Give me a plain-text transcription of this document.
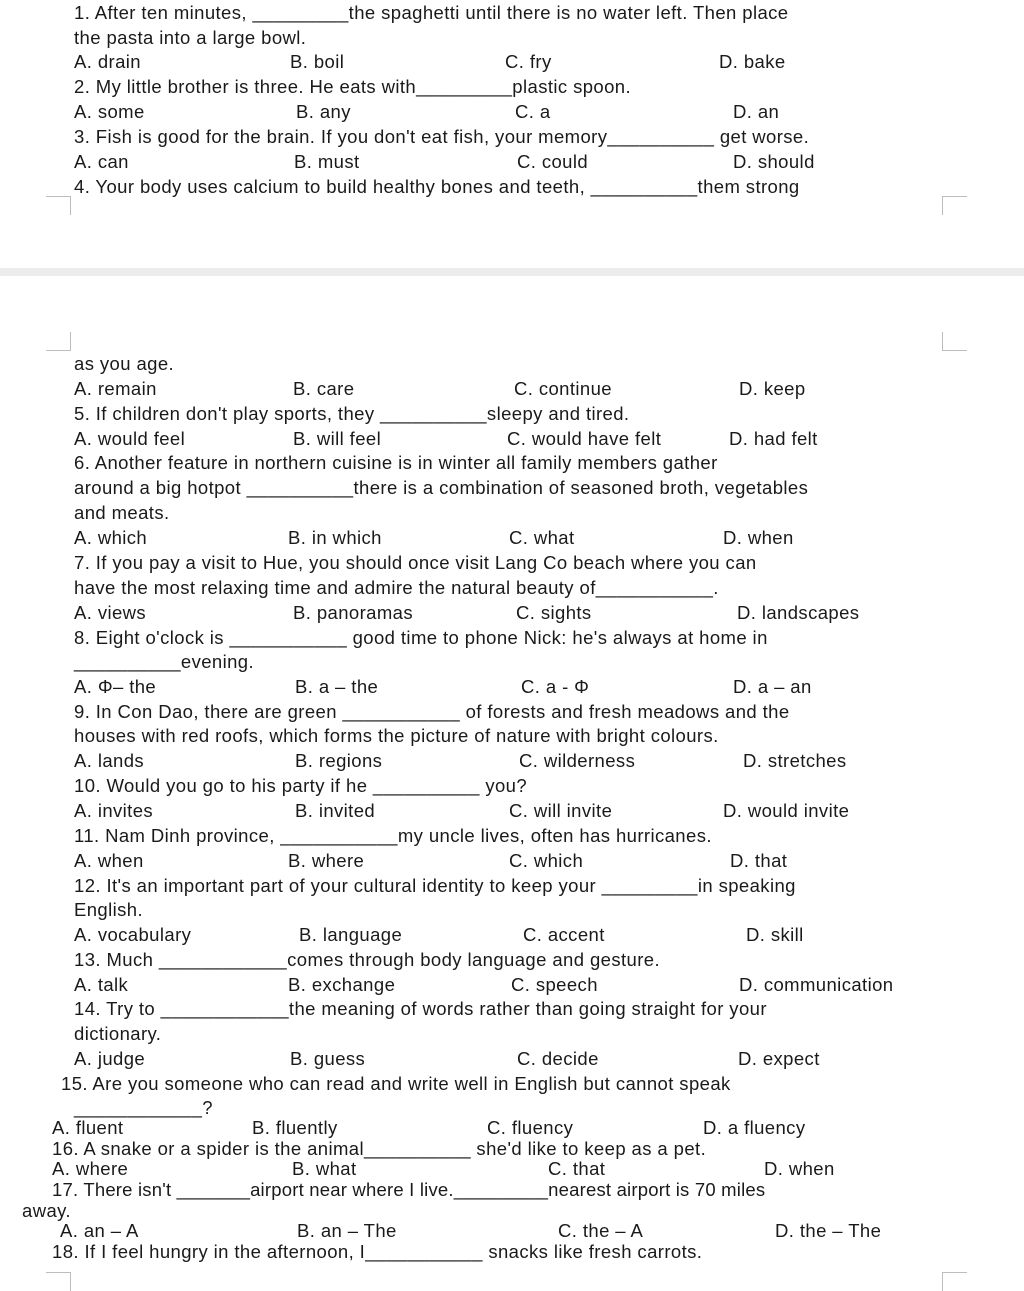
1. After ten minutes, _________the spaghetti until there is no water left. Then place
the pasta into a large bowl.
A. drain	B. boil	C. fry	D. bake
2. My little brother is three. He eats with_________plastic spoon.
A. some	B. any	C. a	D. an
3. Fish is good for the brain. If you don't eat fish, your memory__________ get worse.
A. can	B. must	C. could	D. should
4. Your body uses calcium to build healthy bones and teeth, __________them strong
as you age.
A. remain	B. care	C. continue	D. keep
5. If children don't play sports, they __________sleepy and tired.
A. would feel	B. will feel	C. would have felt	D. had felt
6. Another feature in northern cuisine is in winter all family members gather
around a big hotpot __________there is a combination of seasoned broth, vegetables
and meats.
A. which	B. in which	C. what	D. when
7. If you pay a visit to Hue, you should once visit Lang Co beach where you can
have the most relaxing time and admire the natural beauty of___________.
A. views	B. panoramas	C. sights	D. landscapes
8. Eight o'clock is ___________ good time to phone Nick: he's always at home in
__________evening.
A. Φ– the	B. a – the	C. a - Φ	D. a – an
9. In Con Dao, there are green ___________ of forests and fresh meadows and the
houses with red roofs, which forms the picture of nature with bright colours.
A. lands	B. regions	C. wilderness	D. stretches
10. Would you go to his party if he __________ you?
A. invites	B. invited	C. will invite	D. would invite
11. Nam Dinh province, ___________my uncle lives, often has hurricanes.
A. when	B. where	C. which	D. that
12. It's an important part of your cultural identity to keep your _________in speaking
English.
A. vocabulary	B. language	C. accent	D. skill
13. Much ____________comes through body language and gesture.
A. talk	B. exchange	C. speech	D. communication
14. Try to ____________the meaning of words rather than going straight for your
dictionary.
A. judge	B. guess	C. decide	D. expect
15. Are you someone who can read and write well in English but cannot speak
____________?
A. fluent	B. fluently	C. fluency	D. a fluency
16. A snake or a spider is the animal__________ she'd like to keep as a pet.
A. where	B. what	C. that	D. when
17. There isn't _______airport near where I live._________nearest airport is 70 miles
away.
A. an – A	B. an – The	C. the – A	D. the – The
18. If I feel hungry in the afternoon, I___________ snacks like fresh carrots.
